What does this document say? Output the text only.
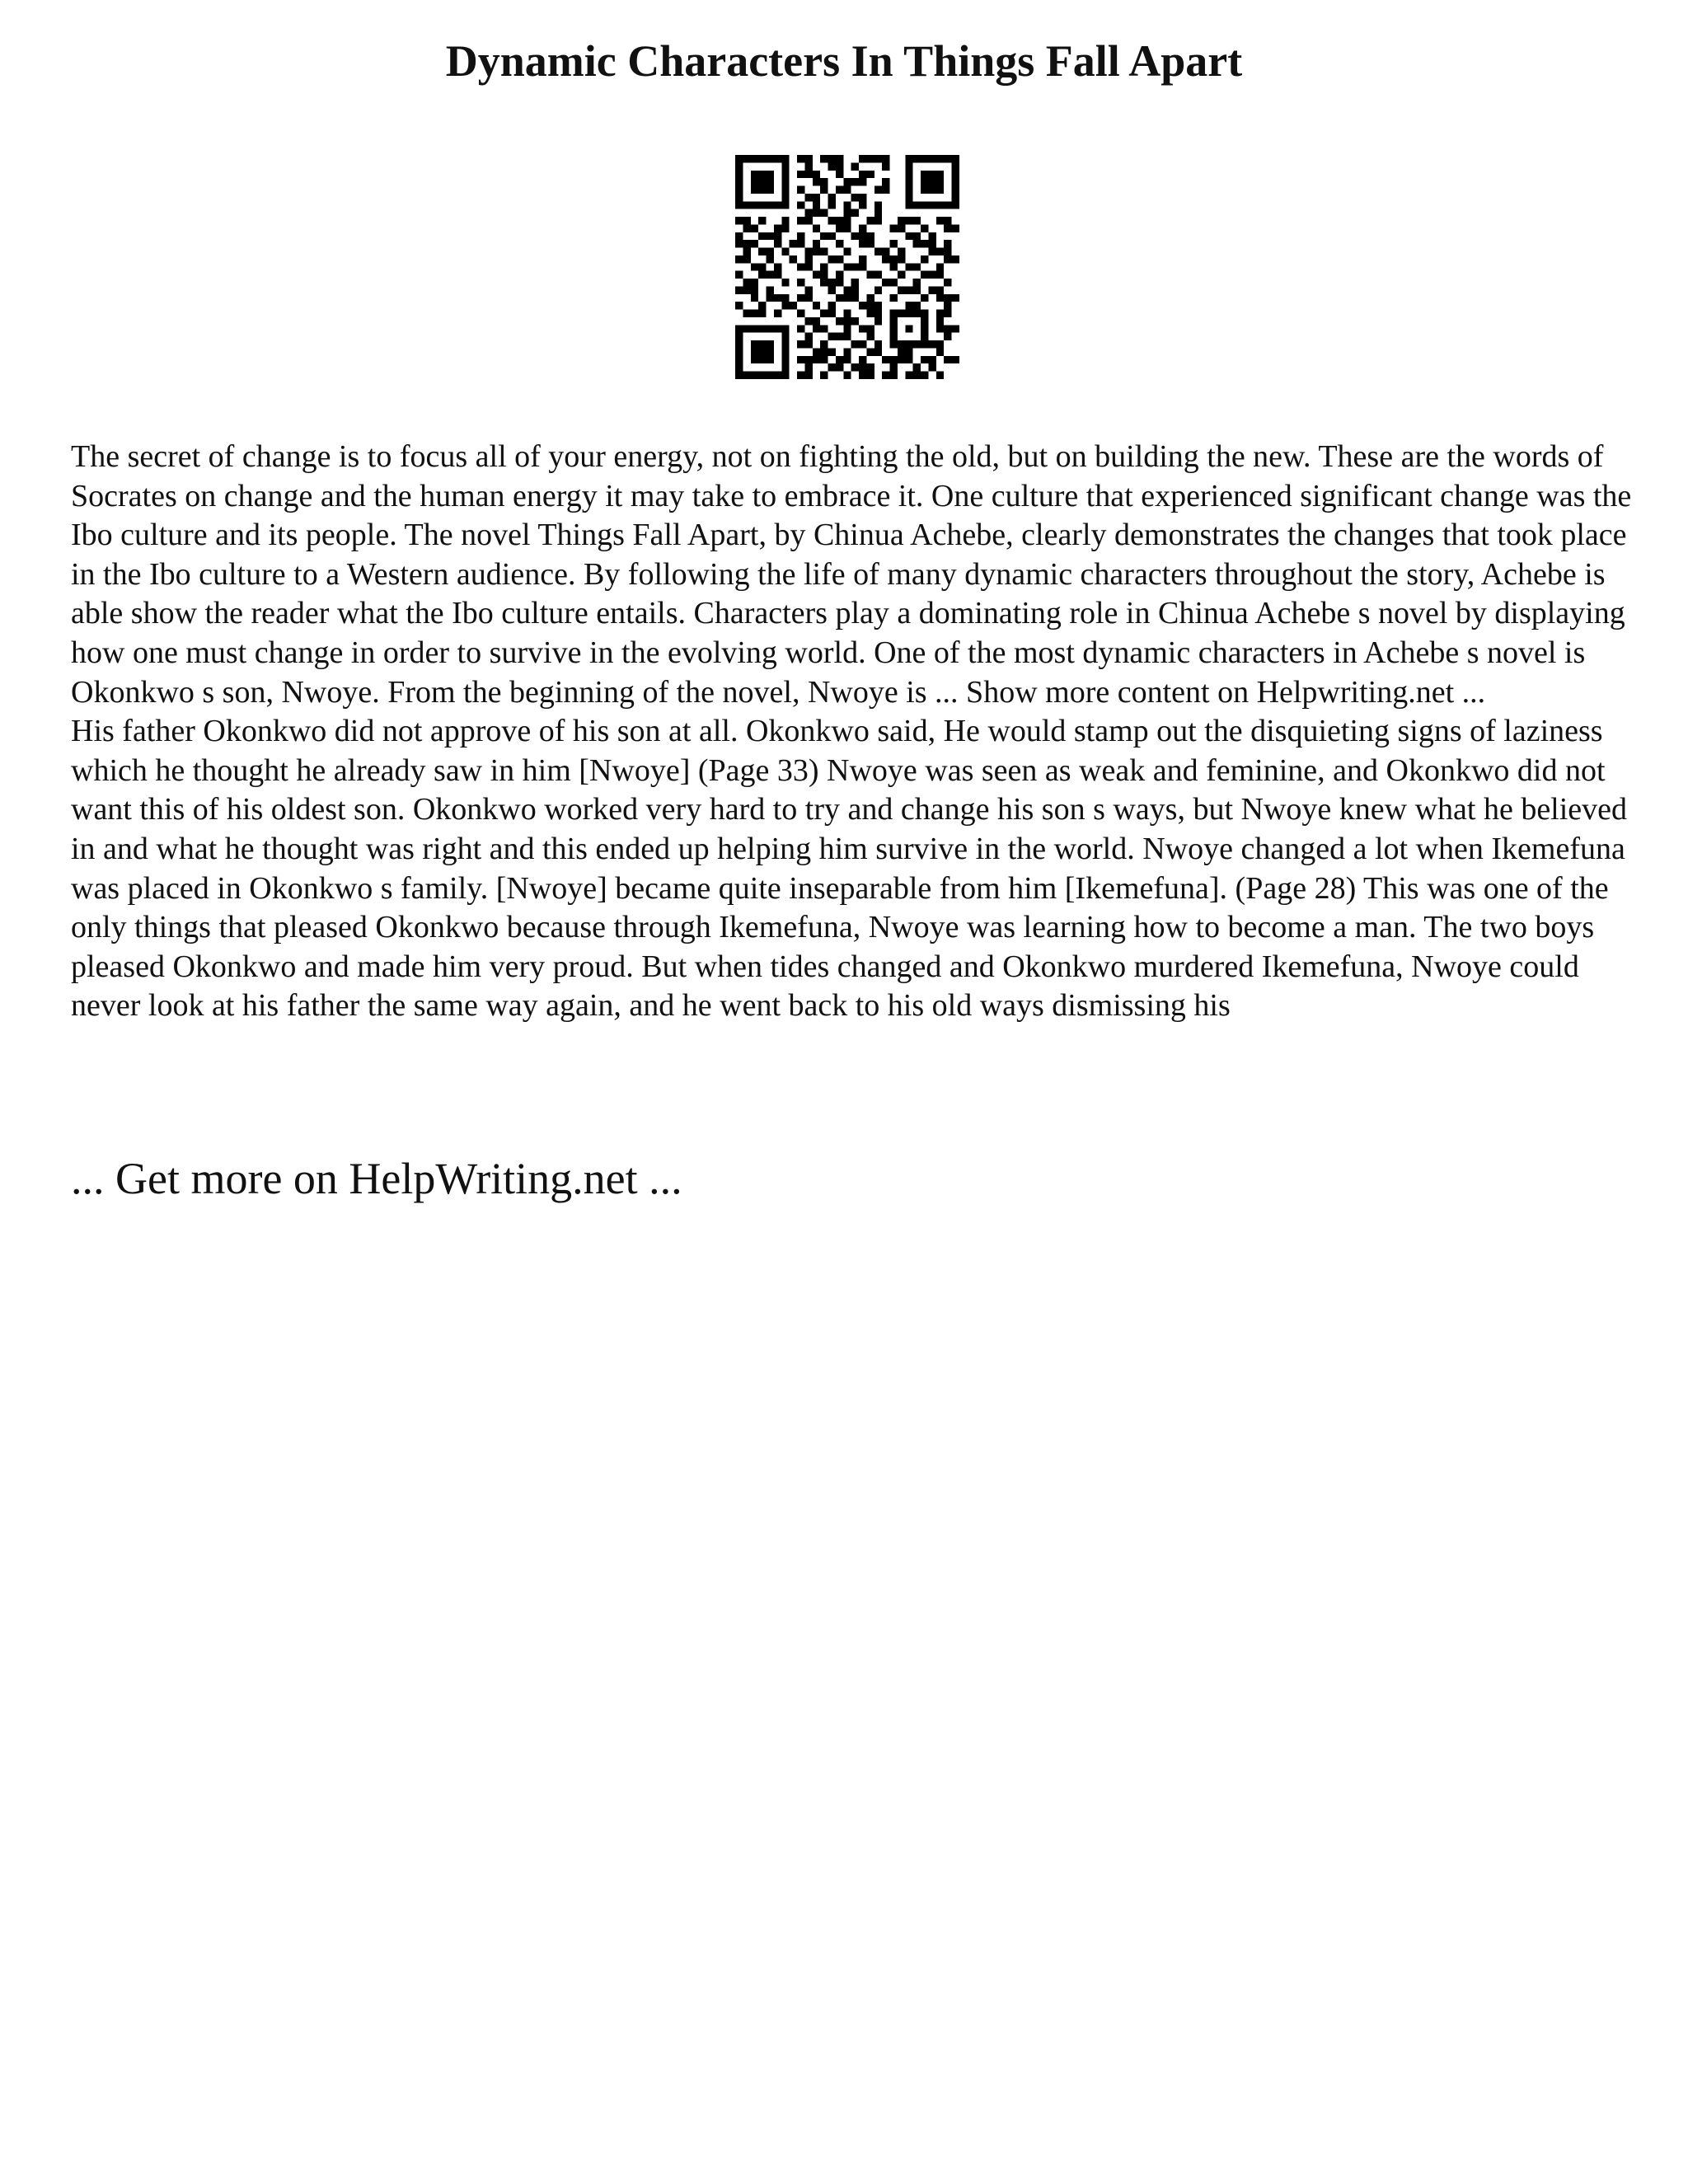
Dynamic Characters In Things Fall Apart

The secret of change is to focus all of your energy, not on fighting the old, but on building the new. These are the words of Socrates on change and the human energy it may take to embrace it. One culture that experienced significant change was the Ibo culture and its people. The novel Things Fall Apart, by Chinua Achebe, clearly demonstrates the changes that took place in the Ibo culture to a Western audience. By following the life of many dynamic characters throughout the story, Achebe is able show the reader what the Ibo culture entails. Characters play a dominating role in Chinua Achebe s novel by displaying how one must change in order to survive in the evolving world. One of the most dynamic characters in Achebe s novel is Okonkwo s son, Nwoye. From the beginning of the novel, Nwoye is ... Show more content on Helpwriting.net ...

His father Okonkwo did not approve of his son at all. Okonkwo said, He would stamp out the disquieting signs of laziness which he thought he already saw in him [Nwoye] (Page 33) Nwoye was seen as weak and feminine, and Okonkwo did not want this of his oldest son. Okonkwo worked very hard to try and change his son s ways, but Nwoye knew what he believed in and what he thought was right and this ended up helping him survive in the world. Nwoye changed a lot when Ikemefuna was placed in Okonkwo s family. [Nwoye] became quite inseparable from him [Ikemefuna]. (Page 28) This was one of the only things that pleased Okonkwo because through Ikemefuna, Nwoye was learning how to become a man. The two boys pleased Okonkwo and made him very proud. But when tides changed and Okonkwo murdered Ikemefuna, Nwoye could never look at his father the same way again, and he went back to his old ways dismissing his

... Get more on HelpWriting.net ...
